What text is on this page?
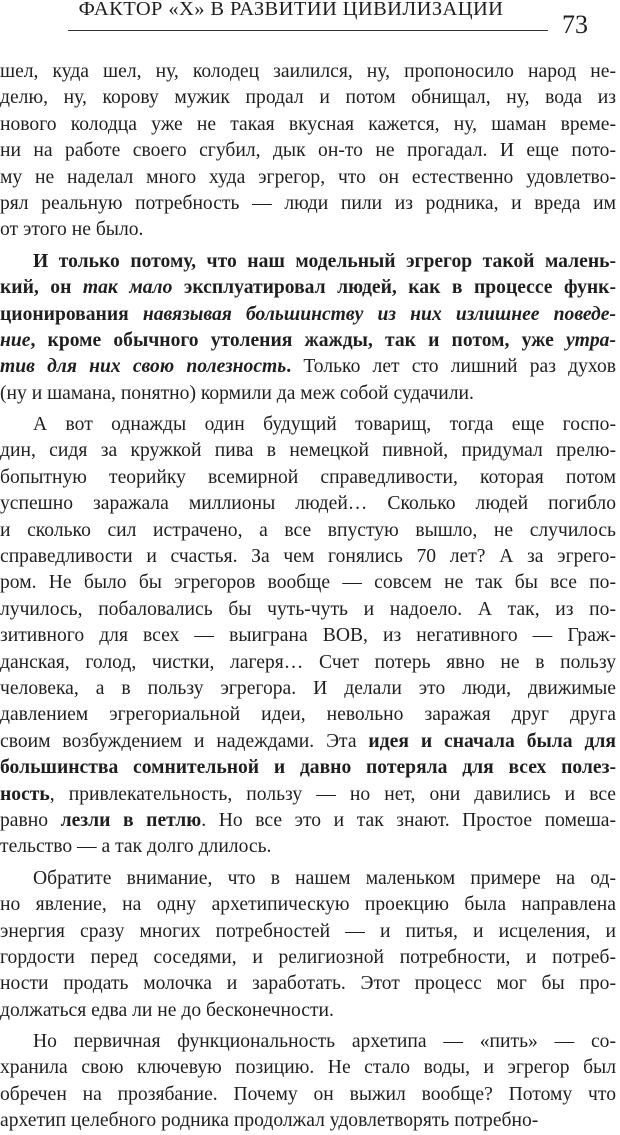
ФАКТОР «Х» В РАЗВИТИИ ЦИВИЛИЗАЦИИ
73
шел, куда шел, ну, колодец заилился, ну, пропоносило народ не-
делю, ну, корову мужик продал и потом обнищал, ну, вода из
нового колодца уже не такая вкусная кажется, ну, шаман време-
ни на работе своего сгубил, дык он-то не прогадал. И еще пото-
му не наделал много худа эгрегор, что он естественно удовлетво-
рял реальную потребность — люди пили из родника, и вреда им
от этого не было.
И только потому, что наш модельный эгрегор такой малень-
кий, он так мало эксплуатировал людей, как в процессе функ-
ционирования навязывая большинству из них излишнее поведе-
ние, кроме обычного утоления жажды, так и потом, уже утра-
тив для них свою полезность. Только лет сто лишний раз духов
(ну и шамана, понятно) кормили да меж собой судачили.
А вот однажды один будущий товарищ, тогда еще госпо-
дин, сидя за кружкой пива в немецкой пивной, придумал прелю-
бопытную теорийку всемирной справедливости, которая потом
успешно заражала миллионы людей… Сколько людей погибло
и сколько сил истрачено, а все впустую вышло, не случилось
справедливости и счастья. За чем гонялись 70 лет? А за эгрего-
ром. Не было бы эгрегоров вообще — совсем не так бы все по-
лучилось, побаловались бы чуть-чуть и надоело. А так, из по-
зитивного для всех — выиграна ВОВ, из негативного — Граж-
данская, голод, чистки, лагеря… Счет потерь явно не в пользу
человека, а в пользу эгрегора. И делали это люди, движимые
давлением эгрегориальной идеи, невольно заражая друг друга
своим возбуждением и надеждами. Эта идея и сначала была для
большинства сомнительной и давно потеряла для всех полез-
ность, привлекательность, пользу — но нет, они давились и все
равно лезли в петлю. Но все это и так знают. Простое помеша-
тельство — а так долго длилось.
Обратите внимание, что в нашем маленьком примере на од-
но явление, на одну архетипическую проекцию была направлена
энергия сразу многих потребностей — и питья, и исцеления, и
гордости перед соседями, и религиозной потребности, и потреб-
ности продать молочка и заработать. Этот процесс мог бы про-
должаться едва ли не до бесконечности.
Но первичная функциональность архетипа — «пить» — со-
хранила свою ключевую позицию. Не стало воды, и эгрегор был
обречен на прозябание. Почему он выжил вообще? Потому что
архетип целебного родника продолжал удовлетворять потребно-
